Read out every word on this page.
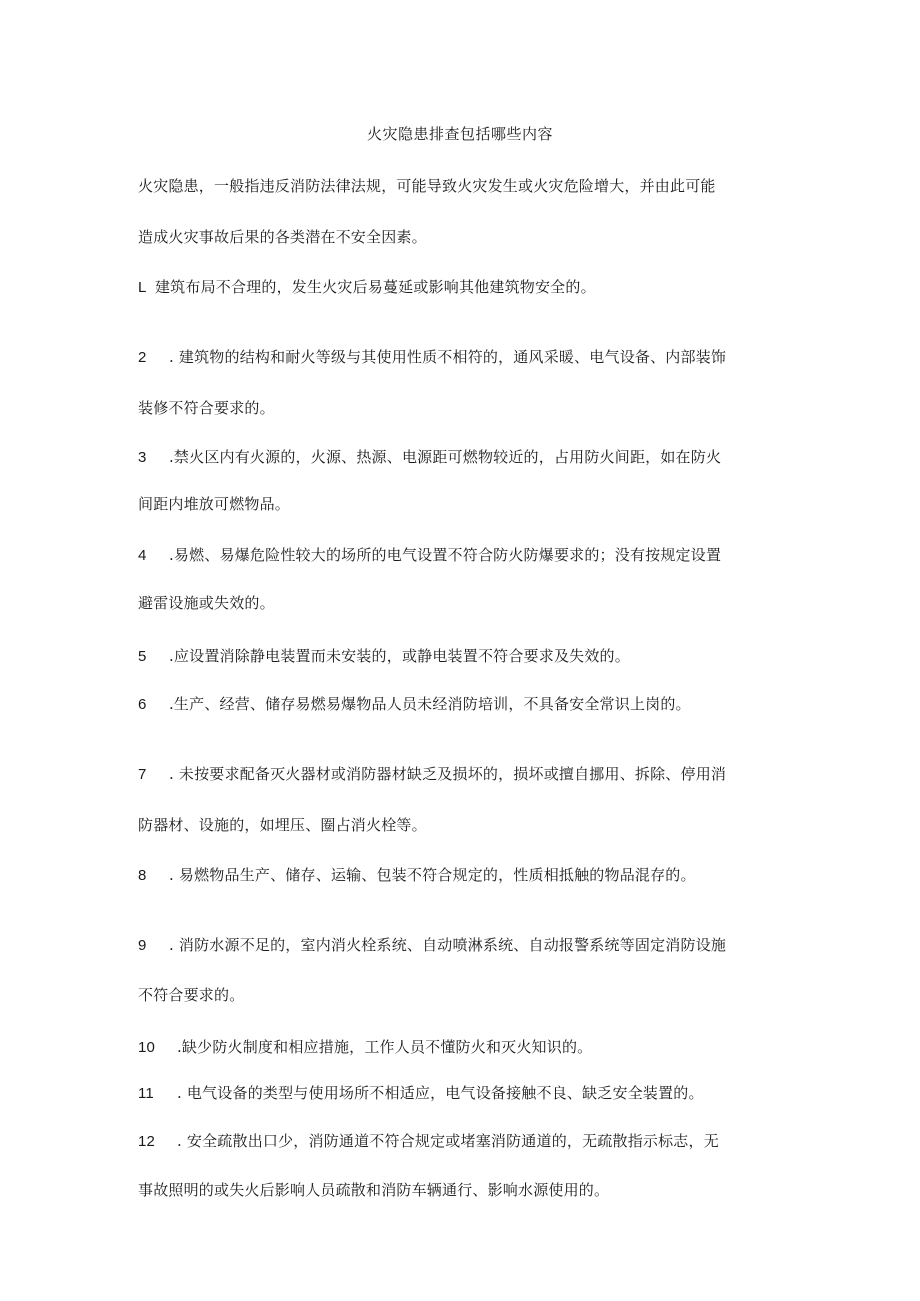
火灾隐患排查包括哪些内容
火灾隐患，一般指违反消防法律法规，可能导致火灾发生或火灾危险增大，并由此可能
造成火灾事故后果的各类潜在不安全因素。
L 建筑布局不合理的，发生火灾后易蔓延或影响其他建筑物安全的。
2 . 建筑物的结构和耐火等级与其使用性质不相符的，通风采暖、电气设备、内部装饰
装修不符合要求的。
3 .禁火区内有火源的，火源、热源、电源距可燃物较近的，占用防火间距，如在防火
间距内堆放可燃物品。
4 .易燃、易爆危险性较大的场所的电气设置不符合防火防爆要求的；没有按规定设置
避雷设施或失效的。
5 .应设置消除静电装置而未安装的，或静电装置不符合要求及失效的。
6 .生产、经营、储存易燃易爆物品人员未经消防培训，不具备安全常识上岗的。
7 . 未按要求配备灭火器材或消防器材缺乏及损坏的，损坏或擅自挪用、拆除、停用消
防器材、设施的，如埋压、圈占消火栓等。
8 . 易燃物品生产、储存、运输、包装不符合规定的，性质相抵触的物品混存的。
9 . 消防水源不足的，室内消火栓系统、自动喷淋系统、自动报警系统等固定消防设施
不符合要求的。
10 .缺少防火制度和相应措施，工作人员不懂防火和灭火知识的。
11 . 电气设备的类型与使用场所不相适应，电气设备接触不良、缺乏安全装置的。
12 . 安全疏散出口少，消防通道不符合规定或堵塞消防通道的，无疏散指示标志，无
事故照明的或失火后影响人员疏散和消防车辆通行、影响水源使用的。
